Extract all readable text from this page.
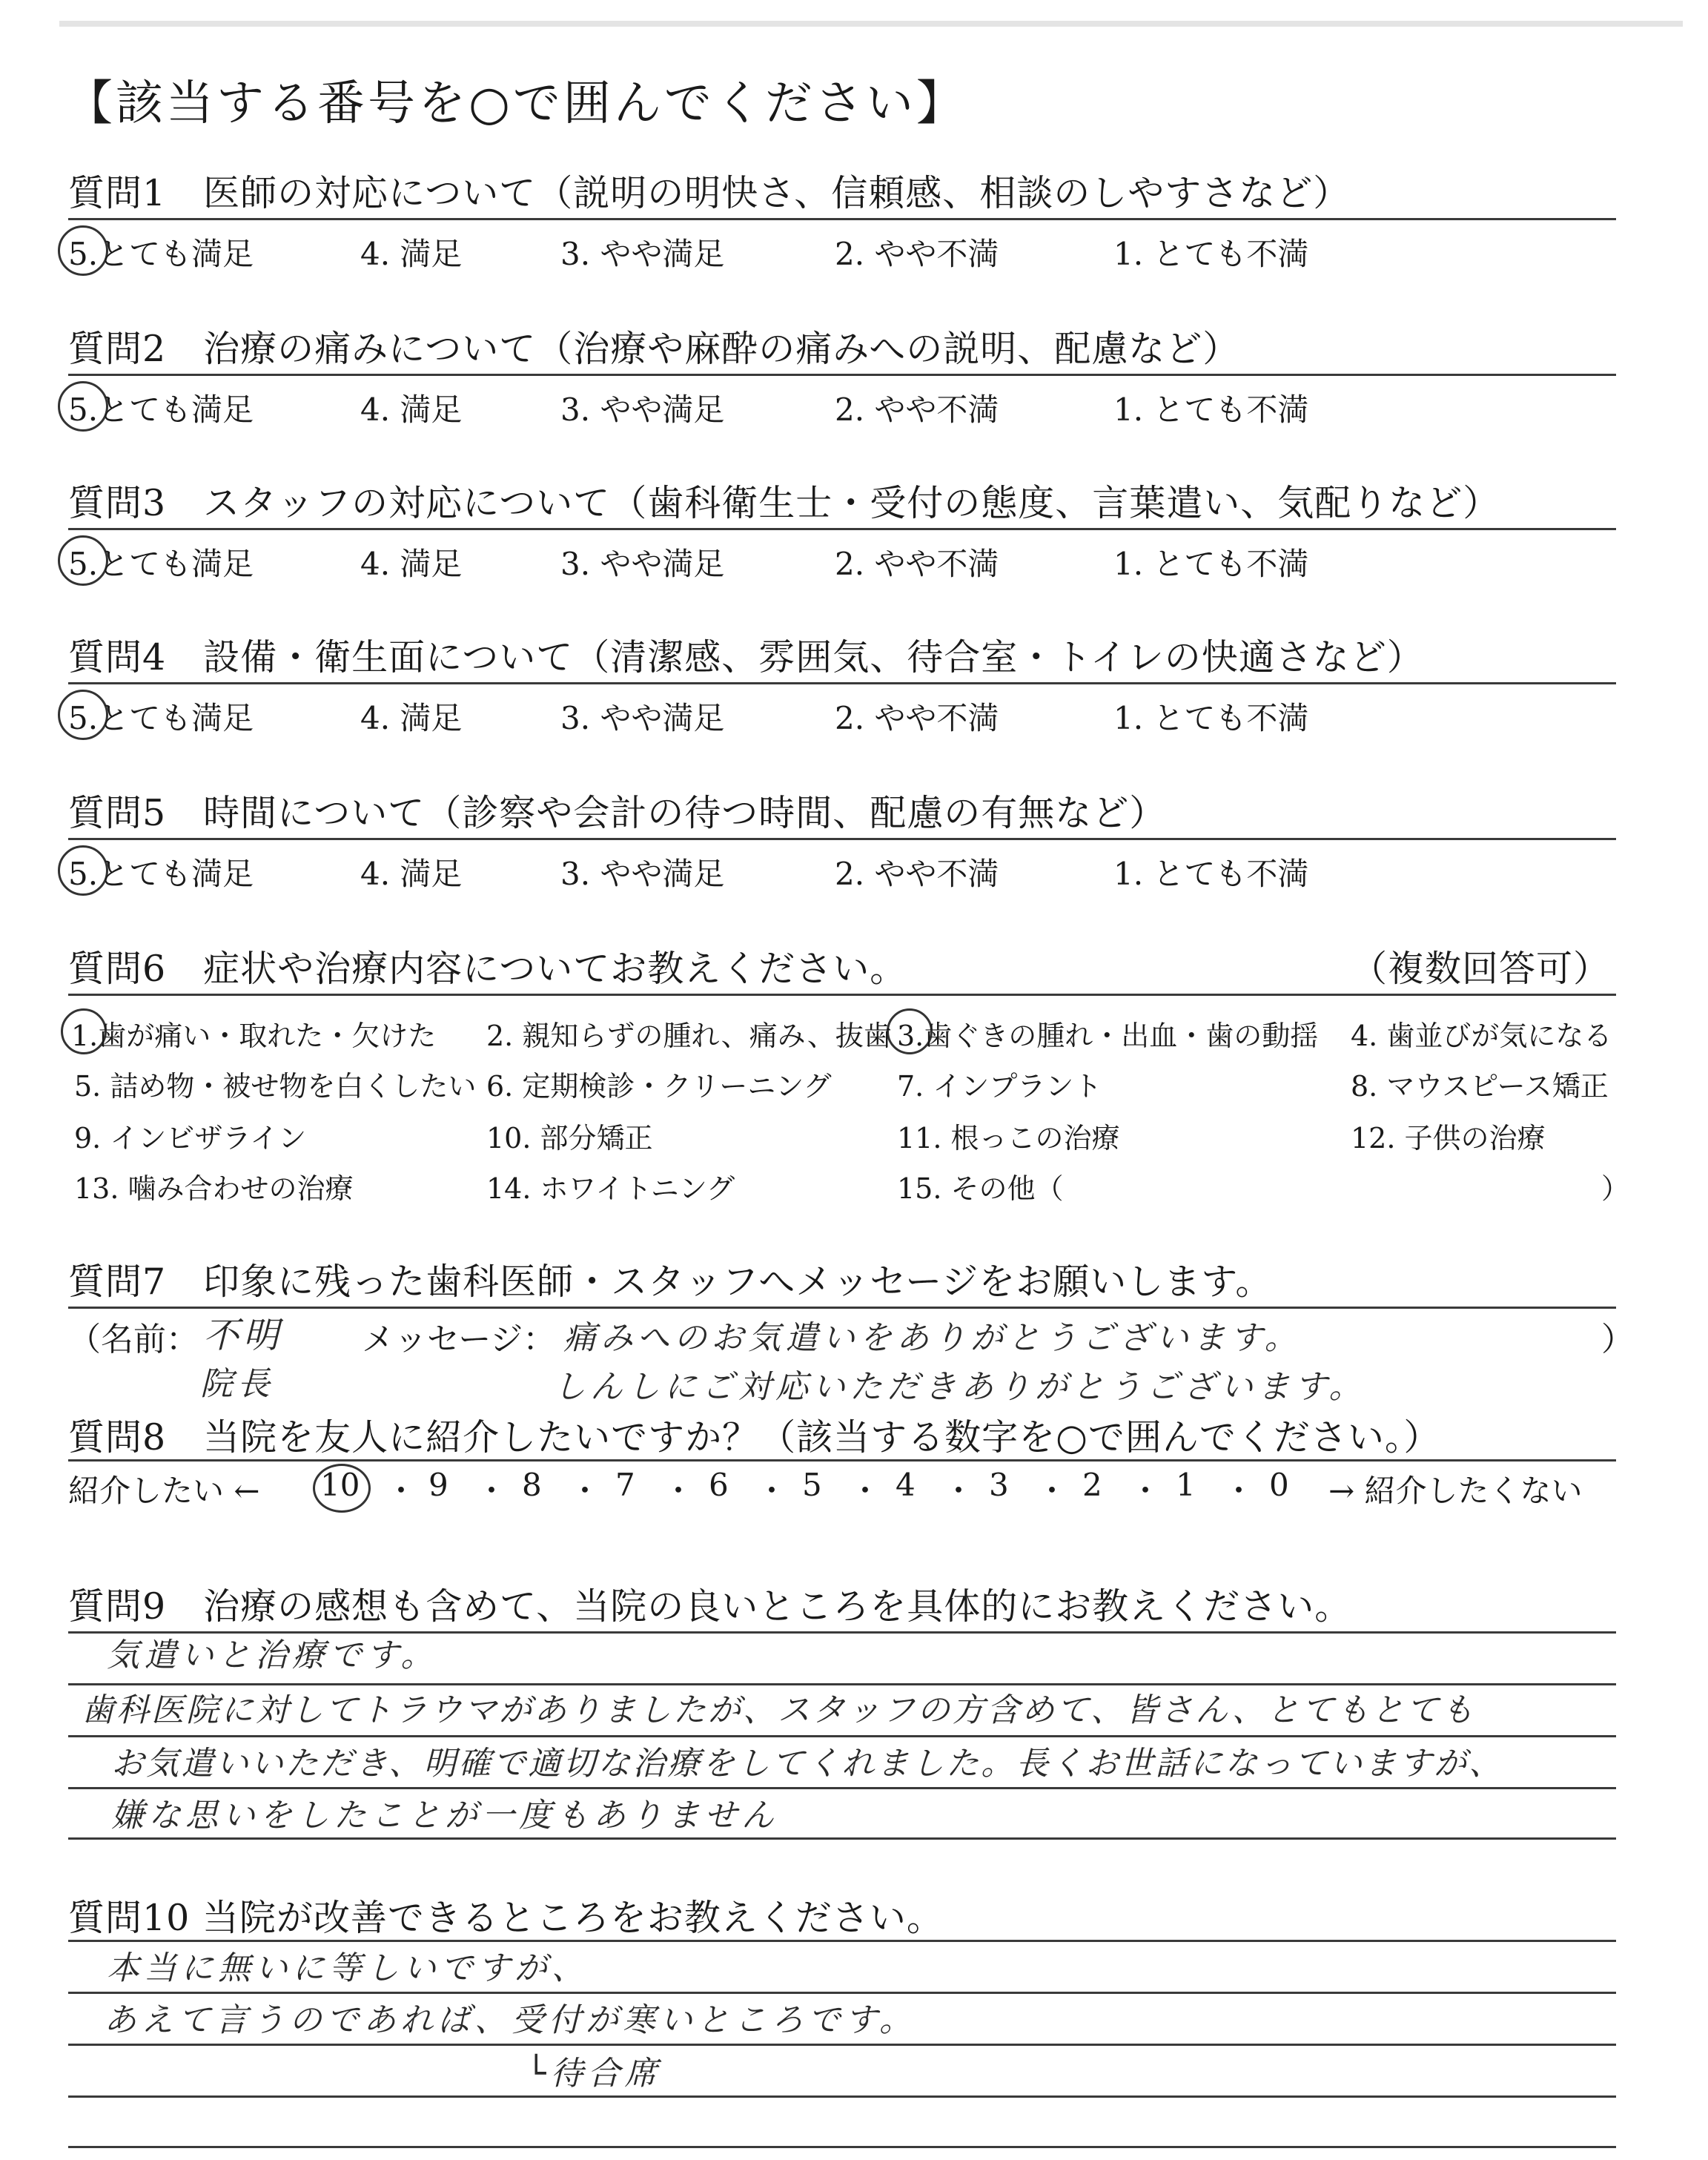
【該当する番号を○で囲んでください】
質問1　医師の対応について（説明の明快さ、信頼感、相談のしやすさなど）
5.とても満足	4. 満足	3. やや満足	2. やや不満	1. とても不満
質問2　治療の痛みについて（治療や麻酔の痛みへの説明、配慮など）
5.とても満足	4. 満足	3. やや満足	2. やや不満	1. とても不満
質問3　スタッフの対応について（歯科衛生士・受付の態度、言葉遣い、気配りなど）
5.とても満足	4. 満足	3. やや満足	2. やや不満	1. とても不満
質問4　設備・衛生面について（清潔感、雰囲気、待合室・トイレの快適さなど）
5.とても満足	4. 満足	3. やや満足	2. やや不満	1. とても不満
質問5　時間について（診察や会計の待つ時間、配慮の有無など）
5.とても満足	4. 満足	3. やや満足	2. やや不満	1. とても不満
質問6　症状や治療内容についてお教えください。	（複数回答可）
1.歯が痛い・取れた・欠けた 2. 親知らずの腫れ、痛み、抜歯 3.歯ぐきの腫れ・出血・歯の動揺 4. 歯並びが気になる
5. 詰め物・被せ物を白くしたい 6. 定期検診・クリーニング 7. インプラント	8. マウスピース矯正
9. インビザライン	10. 部分矯正	11. 根っこの治療	12. 子供の治療
13. 噛み合わせの治療	14. ホワイトニング	15. その他（	）
質問7　印象に残った歯科医師・スタッフへメッセージをお願いします。
（名前： 不明
院長
メッセージ： 痛みへのお気遣いをありがとうございます。
しんしにご対応いただきありがとうございます。
）
質問8　当院を友人に紹介したいですか？（該当する数字を○で囲んでください。）
紹介したい ← 10 ・ 9 ・ 8 ・ 7 ・ 6 ・ 5 ・ 4 ・ 3 ・ 2 ・ 1 ・ 0 → 紹介したくない
質問9　治療の感想も含めて、当院の良いところを具体的にお教えください。
気遣いと治療です。
歯科医院に対してトラウマがありましたが、スタッフの方含めて、皆さん、とてもとても
お気遣いいただき、明確で適切な治療をしてくれました。長くお世話になっていますが、
嫌な思いをしたことが一度もありません
質問10 当院が改善できるところをお教えください。
本当に無いに等しいですが、
あえて言うのであれば、受付が寒いところです。
└待合席
